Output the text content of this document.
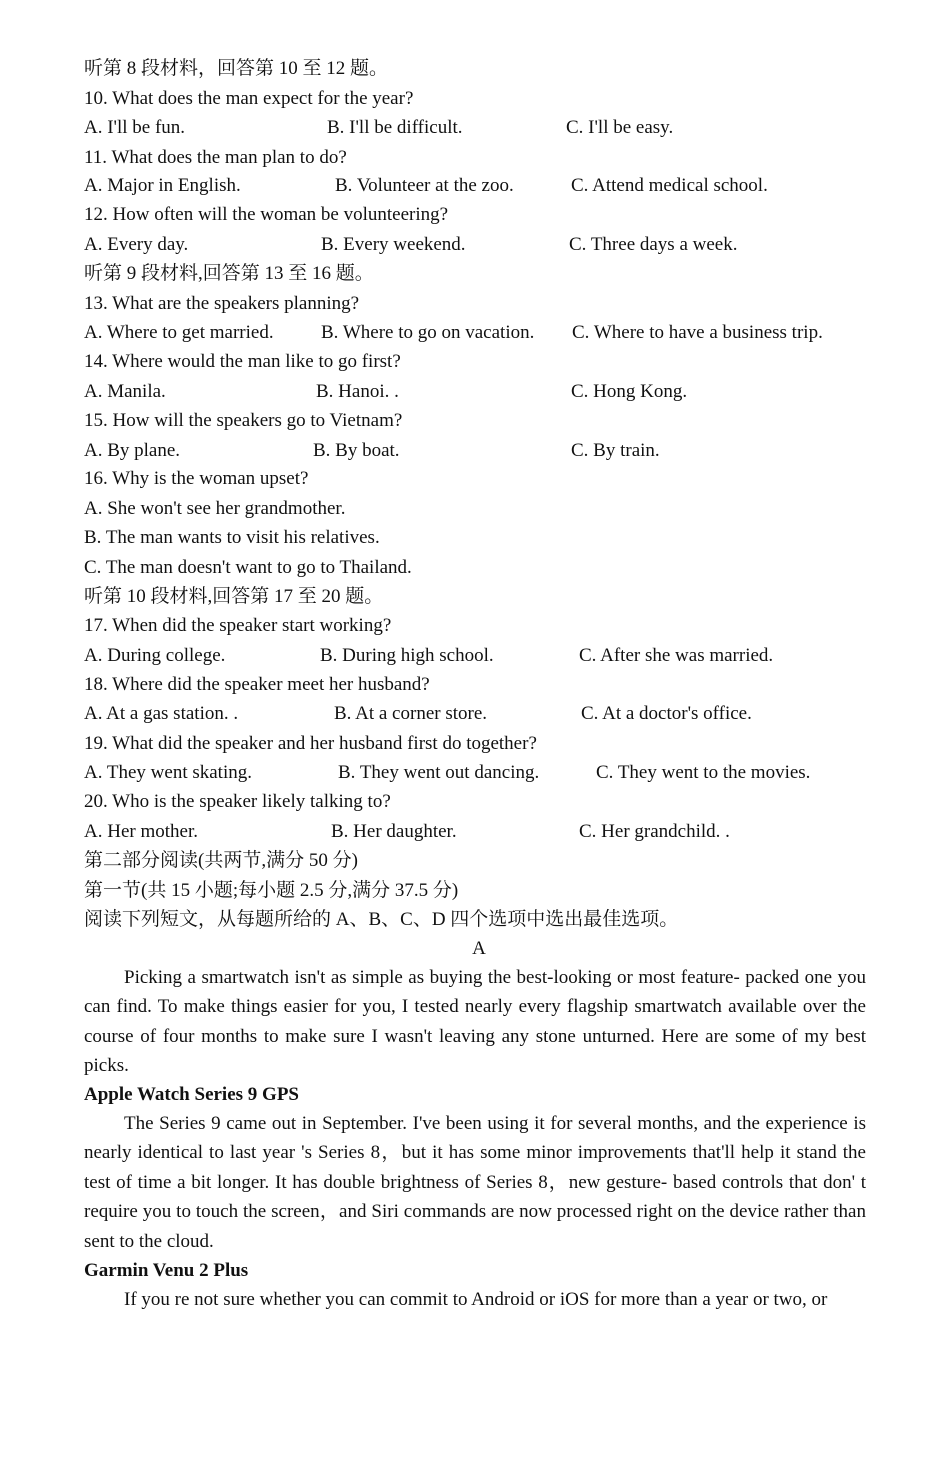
听第 8 段材料，回答第 10 至 12 题。
10. What does the man expect for the year?
A. I'll be fun.	B. I'll be difficult.	C. I'll be easy.
11. What does the man plan to do?
A. Major in English.	B. Volunteer at the zoo.	C. Attend medical school.
12. How often will the woman be volunteering?
A. Every day.	B. Every weekend.	C. Three days a week.
听第 9 段材料,回答第 13 至 16 题。
13. What are the speakers planning?
A. Where to get married. B. Where to go on vacation. C. Where to have a business trip.
14. Where would the man like to go first?
A. Manila.	B. Hanoi. .	C. Hong Kong.
15. How will the speakers go to Vietnam?
A. By plane.	B. By boat.	C. By train.
16. Why is the woman upset?
A. She won't see her grandmother.
B. The man wants to visit his relatives.
C. The man doesn't want to go to Thailand.
听第 10 段材料,回答第 17 至 20 题。
17. When did the speaker start working?
A. During college.	B. During high school.	C. After she was married.
18. Where did the speaker meet her husband?
A. At a gas station. .	B. At a corner store.	C. At a doctor's office.
19. What did the speaker and her husband first do together?
A. They went skating.	B. They went out dancing.	C. They went to the movies.
20. Who is the speaker likely talking to?
A. Her mother.	B. Her daughter.	C. Her grandchild. .
第二部分阅读(共两节,满分 50 分)
第一节(共 15 小题;每小题 2.5 分,满分 37.5 分)
阅读下列短文，从每题所给的 A、B、C、D 四个选项中选出最佳选项。
A
Picking a smartwatch isn't as simple as buying the best-looking or most feature- packed one you can find. To make things easier for you, I tested nearly every flagship smartwatch available over the course of four months to make sure I wasn't leaving any stone unturned. Here are some of my best picks.
Apple Watch Series 9 GPS
The Series 9 came out in September. I've been using it for several months, and the experience is nearly identical to last year 's Series 8，but it has some minor improvements that'll help it stand the test of time a bit longer. It has double brightness of Series 8，new gesture- based controls that don' t require you to touch the screen，and Siri commands are now processed right on the device rather than sent to the cloud.
Garmin Venu 2 Plus
If you re not sure whether you can commit to Android or iOS for more than a year or two, or
